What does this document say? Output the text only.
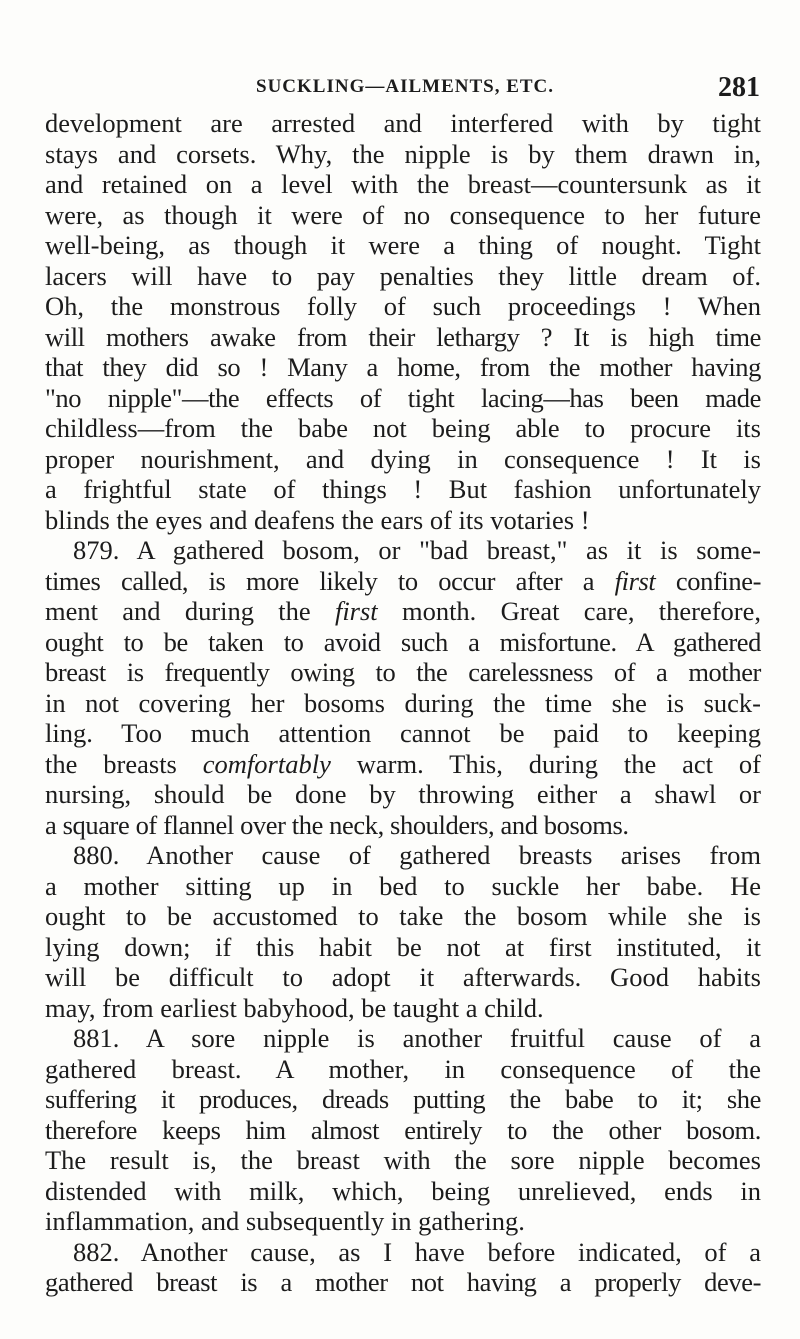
SUCKLING—AILMENTS, ETC.	281
development are arrested and interfered with by tight
stays and corsets. Why, the nipple is by them drawn in,
and retained on a level with the breast—countersunk as it
were, as though it were of no consequence to her future
well-being, as though it were a thing of nought. Tight
lacers will have to pay penalties they little dream of.
Oh, the monstrous folly of such proceedings ! When
will mothers awake from their lethargy ? It is high time
that they did so ! Many a home, from the mother having
"no nipple"—the effects of tight lacing—has been made
childless—from the babe not being able to procure its
proper nourishment, and dying in consequence ! It is
a frightful state of things ! But fashion unfortunately
blinds the eyes and deafens the ears of its votaries !
879. A gathered bosom, or "bad breast," as it is some-
times called, is more likely to occur after a first confine-
ment and during the first month. Great care, therefore,
ought to be taken to avoid such a misfortune. A gathered
breast is frequently owing to the carelessness of a mother
in not covering her bosoms during the time she is suck-
ling. Too much attention cannot be paid to keeping
the breasts comfortably warm. This, during the act of
nursing, should be done by throwing either a shawl or
a square of flannel over the neck, shoulders, and bosoms.
880. Another cause of gathered breasts arises from
a mother sitting up in bed to suckle her babe. He
ought to be accustomed to take the bosom while she is
lying down; if this habit be not at first instituted, it
will be difficult to adopt it afterwards. Good habits
may, from earliest babyhood, be taught a child.
881. A sore nipple is another fruitful cause of a
gathered breast. A mother, in consequence of the
suffering it produces, dreads putting the babe to it; she
therefore keeps him almost entirely to the other bosom.
The result is, the breast with the sore nipple becomes
distended with milk, which, being unrelieved, ends in
inflammation, and subsequently in gathering.
882. Another cause, as I have before indicated, of a
gathered breast is a mother not having a properly deve-
